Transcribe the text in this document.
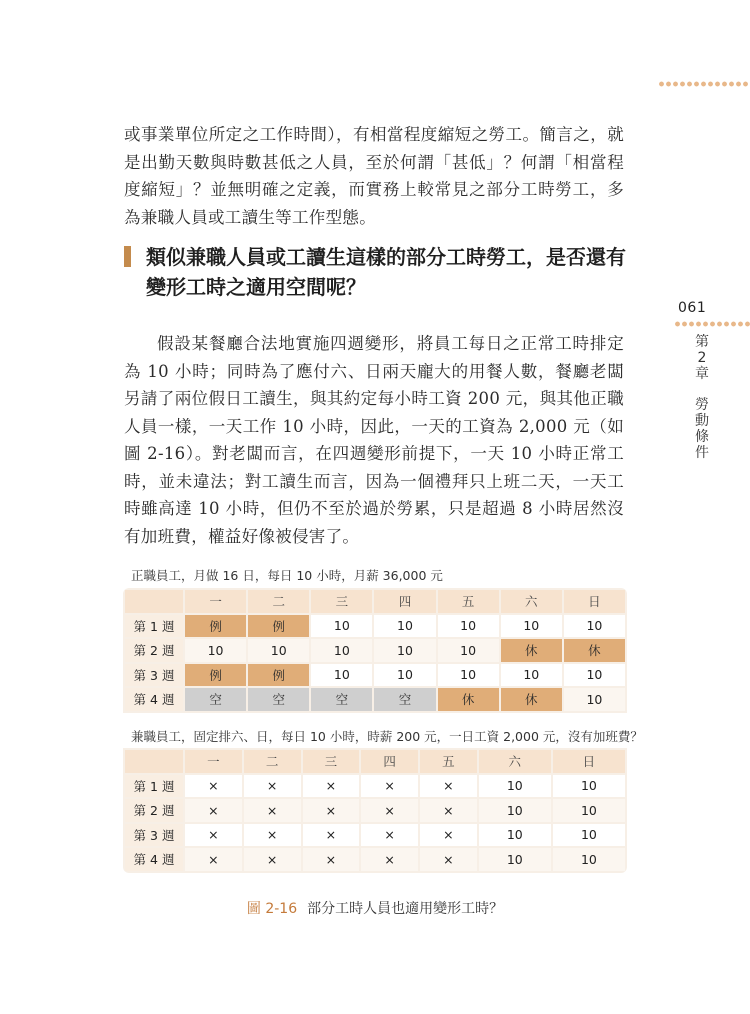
或事業單位所定之工作時間），有相當程度縮短之勞工。簡言之，就是出勤天數與時數甚低之人員，至於何謂「甚低」？何謂「相當程度縮短」？並無明確之定義，而實務上較常見之部分工時勞工，多為兼職人員或工讀生等工作型態。

類似兼職人員或工讀生這樣的部分工時勞工，是否還有
變形工時之適用空間呢？

假設某餐廳合法地實施四週變形，將員工每日之正常工時排定為 10 小時；同時為了應付六、日兩天龐大的用餐人數，餐廳老闆另請了兩位假日工讀生，與其約定每小時工資 200 元，與其他正職人員一樣，一天工作 10 小時，因此，一天的工資為 2,000 元（如圖 2-16）。對老闆而言，在四週變形前提下，一天 10 小時正常工時，並未違法；對工讀生而言，因為一個禮拜只上班二天，一天工時雖高達 10 小時，但仍不至於過於勞累，只是超過 8 小時居然沒有加班費，權益好像被侵害了。

061
第2章
勞動條件
正職員工，月做 16 日，每日 10 小時，月薪 36,000 元
	一	二	三	四	五	六	日
第 1 週	例	例	10	10	10	10	10
第 2 週	10	10	10	10	10	休	休
第 3 週	例	例	10	10	10	10	10
第 4 週	空	空	空	空	休	休	10
兼職員工，固定排六、日，每日 10 小時，時薪 200 元，一日工資 2,000 元，沒有加班費？
	一	二	三	四	五	六	日
第 1 週	×	×	×	×	×	10	10
第 2 週	×	×	×	×	×	10	10
第 3 週	×	×	×	×	×	10	10
第 4 週	×	×	×	×	×	10	10
圖 2-16 部分工時人員也適用變形工時？
